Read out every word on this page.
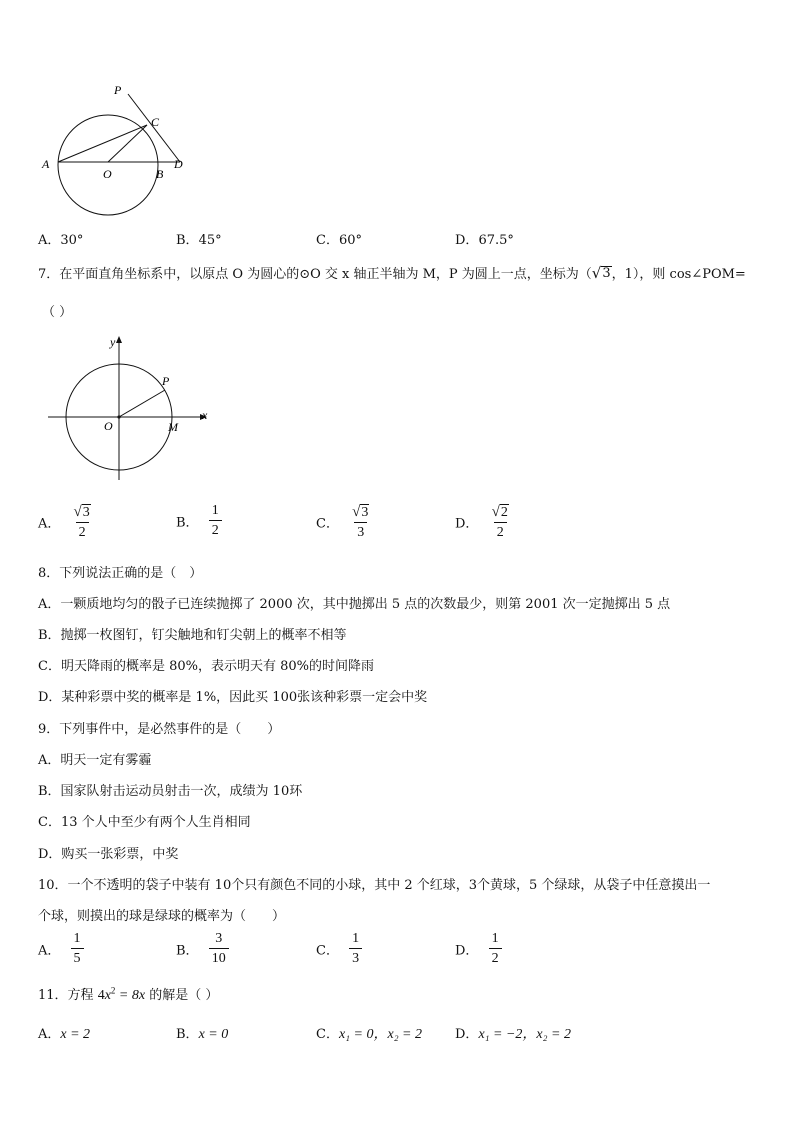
P
C
A
O	B
D
A．30°	B．45°	C．60°	D．67.5°
7．在平面直角坐标系中，以原点 O 为圆心的⊙O 交 x 轴正半轴为 M，P 为圆上一点，坐标为（ √ 3 ，1），则 cos∠POM=
（ ）
y
x
P
O	M
A． $\frac{√ 3}{2}$	B． $\frac{1}{2}$	C． $\frac{√ 3}{3}$	D． $\frac{√ 2}{2}$
8．下列说法正确的是（　）
A．一颗质地均匀的骰子已连续抛掷了 2000 次，其中抛掷出 5 点的次数最少，则第 2001 次一定抛掷出 5 点
B．抛掷一枚图钉，钉尖触地和钉尖朝上的概率不相等
C．明天降雨的概率是 80%，表示明天有 80%的时间降雨
D．某种彩票中奖的概率是 1%，因此买 100张该种彩票一定会中奖
9．下列事件中，是必然事件的是（　　）
A．明天一定有雾霾
B．国家队射击运动员射击一次，成绩为 10环
C．13 个人中至少有两个人生肖相同
D．购买一张彩票，中奖
10．一个不透明的袋子中装有 10个只有颜色不同的小球，其中 2 个红球，3个黄球，5 个绿球，从袋子中任意摸出一
个球，则摸出的球是绿球的概率为（　　）
A． $\frac{1}{5}$	B． $\frac{3}{10}$	C． $\frac{1}{3}$	D． $\frac{1}{2}$
11．方程 $4x^2 = 8x$ 的解是（ ）
A．x = 2	B．x = 0	C．x₁ = 0，x₂ = 2	D．x₁ = −2，x₂ = 2
